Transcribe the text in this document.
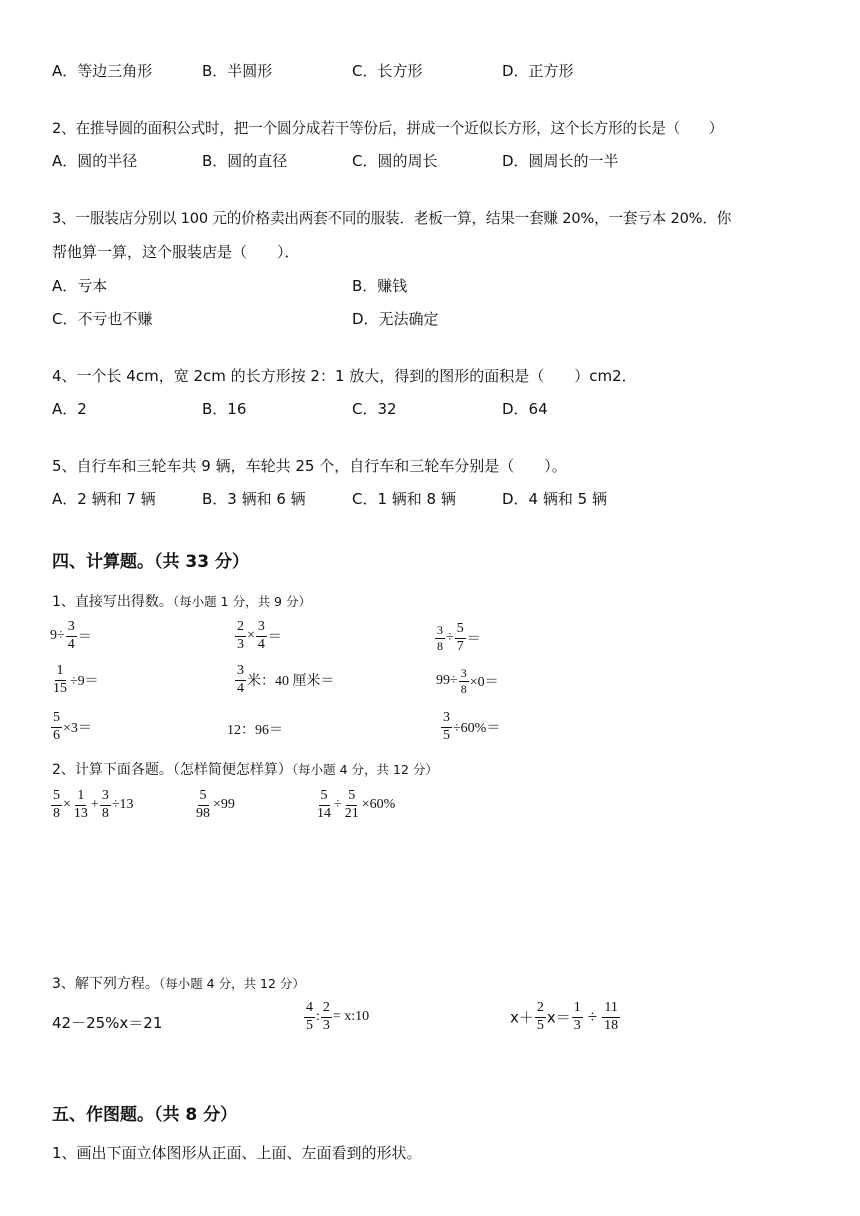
A．等边三角形	B．半圆形	C．长方形	D．正方形
2、在推导圆的面积公式时，把一个圆分成若干等份后，拼成一个近似长方形，这个长方形的长是（　　）
A．圆的半径	B．圆的直径	C．圆的周长	D．圆周长的一半
3、一服装店分别以 100 元的价格卖出两套不同的服装．老板一算，结果一套赚 20%，一套亏本 20%．你
帮他算一算，这个服装店是（　　）．
A．亏本	B．赚钱
C．不亏也不赚	D．无法确定
4、一个长 4cm，宽 2cm 的长方形按 2：1 放大，得到的图形的面积是（　　）cm2．
A．2	B．16	C．32	D．64
5、自行车和三轮车共 9 辆，车轮共 25 个，自行车和三轮车分别是（　　）。
A．2 辆和 7 辆	B．3 辆和 6 辆	C．1 辆和 8 辆	D．4 辆和 5 辆
四、计算题。（共 33 分）
1、直接写出得数。（每小题 1 分，共 9 分）
$9\div \frac{3}{4}$ ＝	$\frac{2}{3} \times \frac{3}{4}$ ＝	$\frac{3}{8} \div \frac{5}{7}$ ＝
$\frac{1}{15} \div 9=$	$\frac{3}{4}$ 米：40 厘米＝	$99\div \frac{3}{8} \times 0=$
$\frac{5}{6} \times 3=$	12：96＝	$\frac{3}{5} \div 60\%=$
2、计算下面各题。（怎样简便怎样算）（每小题 4 分，共 12 分）
$\frac{5}{8} \times \frac{1}{13} + \frac{3}{8} \div 13$	$\frac{5}{98} \times 99$	$\frac{5}{14} \div \frac{5}{21} \times 60\%$
3、解下列方程。（每小题 4 分，共 12 分）
42－25%x＝21	$\frac{4}{5}$ : $\frac{2}{3}$ = x:10	$x+ \frac{2}{5} x= \frac{1}{3} \div \frac{11}{18}$
五、作图题。（共 8 分）
1、画出下面立体图形从正面、上面、左面看到的形状。
